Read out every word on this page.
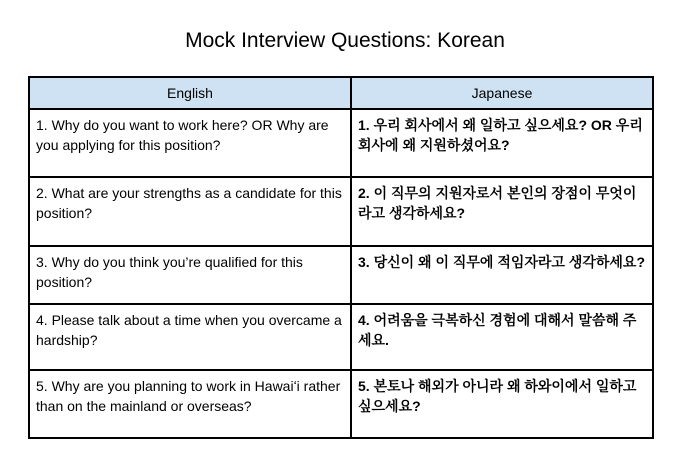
Mock Interview Questions: Korean
English	Japanese
1. Why do you want to work here? OR Why are you applying for this position?	1. 우리 회사에서 왜 일하고 싶으세요? OR 우리 회사에 왜 지원하셨어요?
2. What are your strengths as a candidate for this position?	2. 이 직무의 지원자로서 본인의 장점이 무엇이라고 생각하세요?
3. Why do you think you’re qualified for this position?	3. 당신이 왜 이 직무에 적임자라고 생각하세요?
4. Please talk about a time when you overcame a hardship?	4. 어려움을 극복하신 경험에 대해서 말씀해 주세요.
5. Why are you planning to work in Hawaiʻi rather than on the mainland or overseas?	5. 본토나 해외가 아니라 왜 하와이에서 일하고 싶으세요?
